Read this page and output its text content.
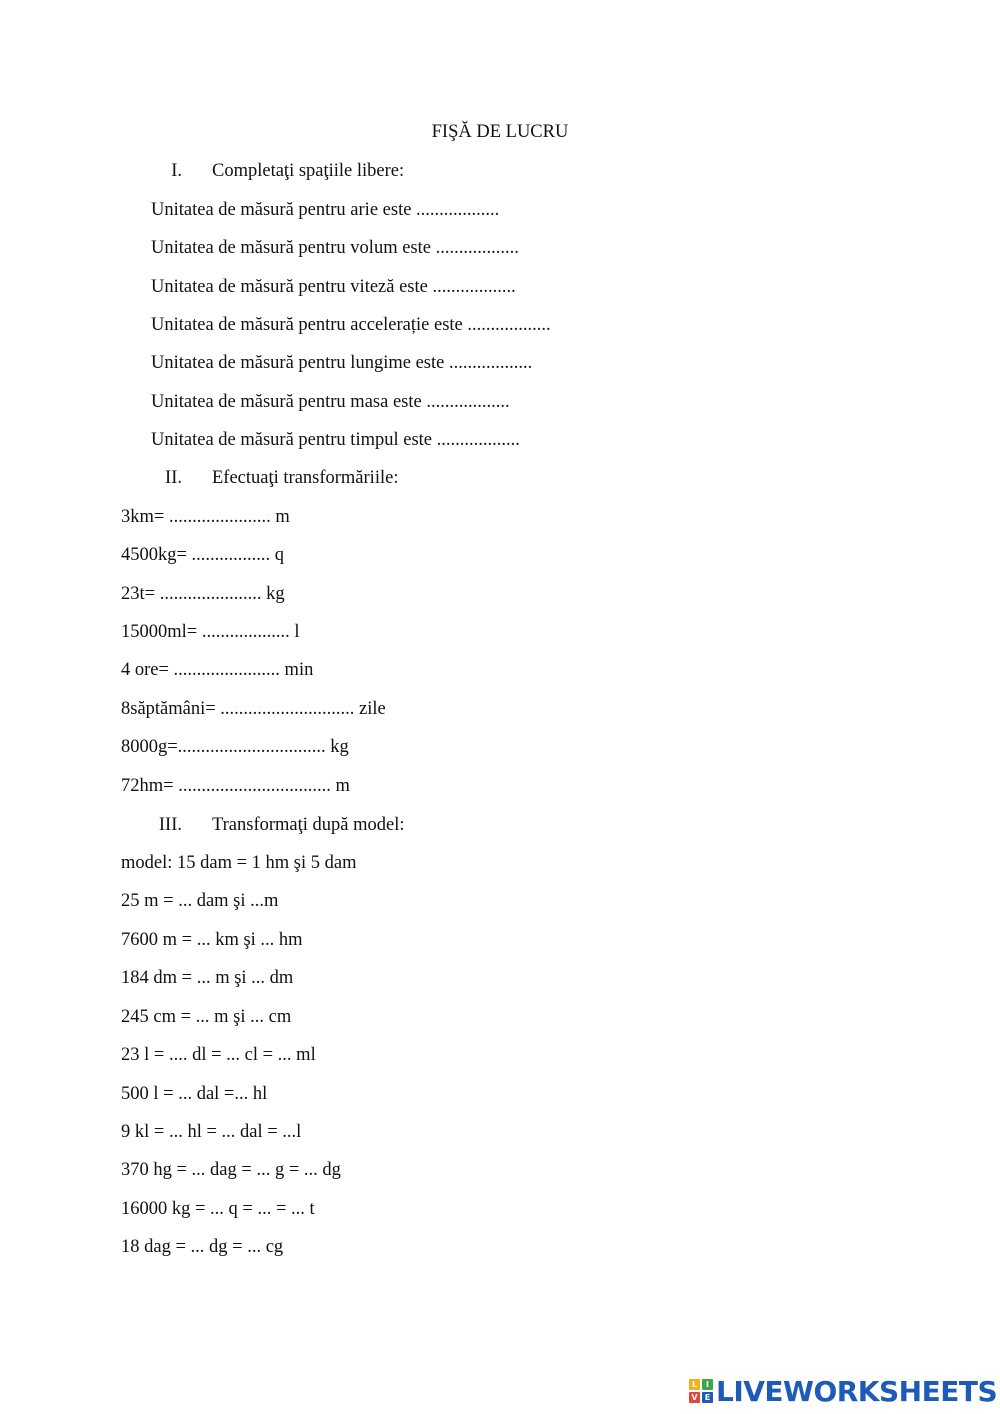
FIŞĂ DE LUCRU
I. Completaţi spaţiile libere:
Unitatea de măsură pentru arie este ..................
Unitatea de măsură pentru volum este ..................
Unitatea de măsură pentru viteză este ..................
Unitatea de măsură pentru accelerație este ..................
Unitatea de măsură pentru lungime este ..................
Unitatea de măsură pentru masa este ..................
Unitatea de măsură pentru timpul este ..................
II. Efectuaţi transformăriile:
3km= ...................... m
4500kg= ................. q
23t= ...................... kg
15000ml= ................... l
4 ore= ....................... min
8săptămâni= ............................. zile
8000g=................................ kg
72hm= ................................. m
III. Transformaţi după model:
model: 15 dam = 1 hm şi 5 dam
25 m = ... dam şi ...m
7600 m = ... km şi ... hm
184 dm = ... m şi ... dm
245 cm = ... m şi ... cm
23 l = .... dl = ... cl = ... ml
500 l = ... dal =... hl
9 kl = ... hl = ... dal = ...l
370 hg = ... dag = ... g = ... dg
16000 kg = ... q = ... = ... t
18 dag = ... dg = ... cg
L	I
V E LIVEWORKSHEETS
